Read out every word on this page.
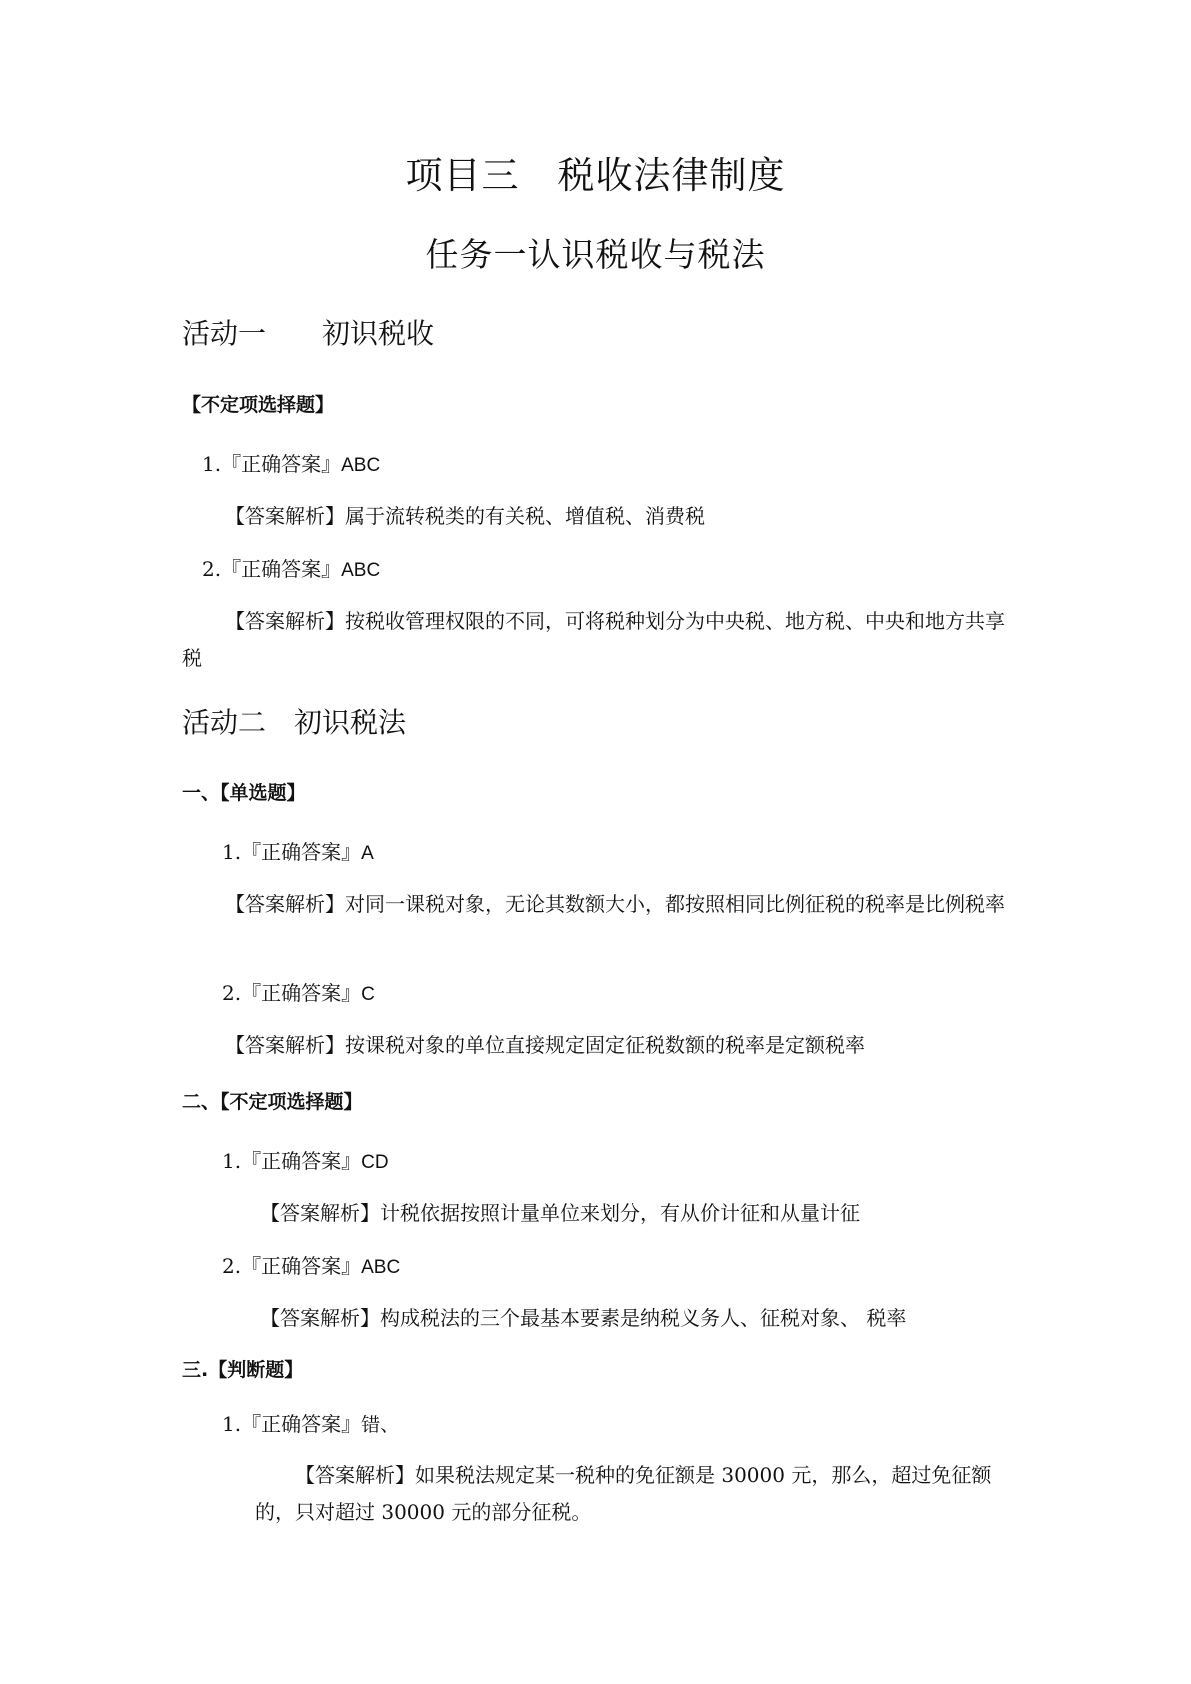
项目三　税收法律制度
任务一认识税收与税法
活动一　　初识税收
【不定项选择题】
1.『正确答案』ABC
【答案解析】属于流转税类的有关税、增值税、消费税
2.『正确答案』ABC
【答案解析】按税收管理权限的不同，可将税种划分为中央税、地方税、中央和地方共享税
活动二　初识税法
一、【单选题】
1.『正确答案』A
【答案解析】对同一课税对象，无论其数额大小，都按照相同比例征税的税率是比例税率
2.『正确答案』C
【答案解析】按课税对象的单位直接规定固定征税数额的税率是定额税率
二、【不定项选择题】
1.『正确答案』CD
【答案解析】计税依据按照计量单位来划分，有从价计征和从量计征
2.『正确答案』ABC
【答案解析】构成税法的三个最基本要素是纳税义务人、征税对象、 税率
三.【判断题】
1.『正确答案』错、
【答案解析】如果税法规定某一税种的免征额是 30000 元，那么，超过免征额的，只对超过 30000 元的部分征税。
